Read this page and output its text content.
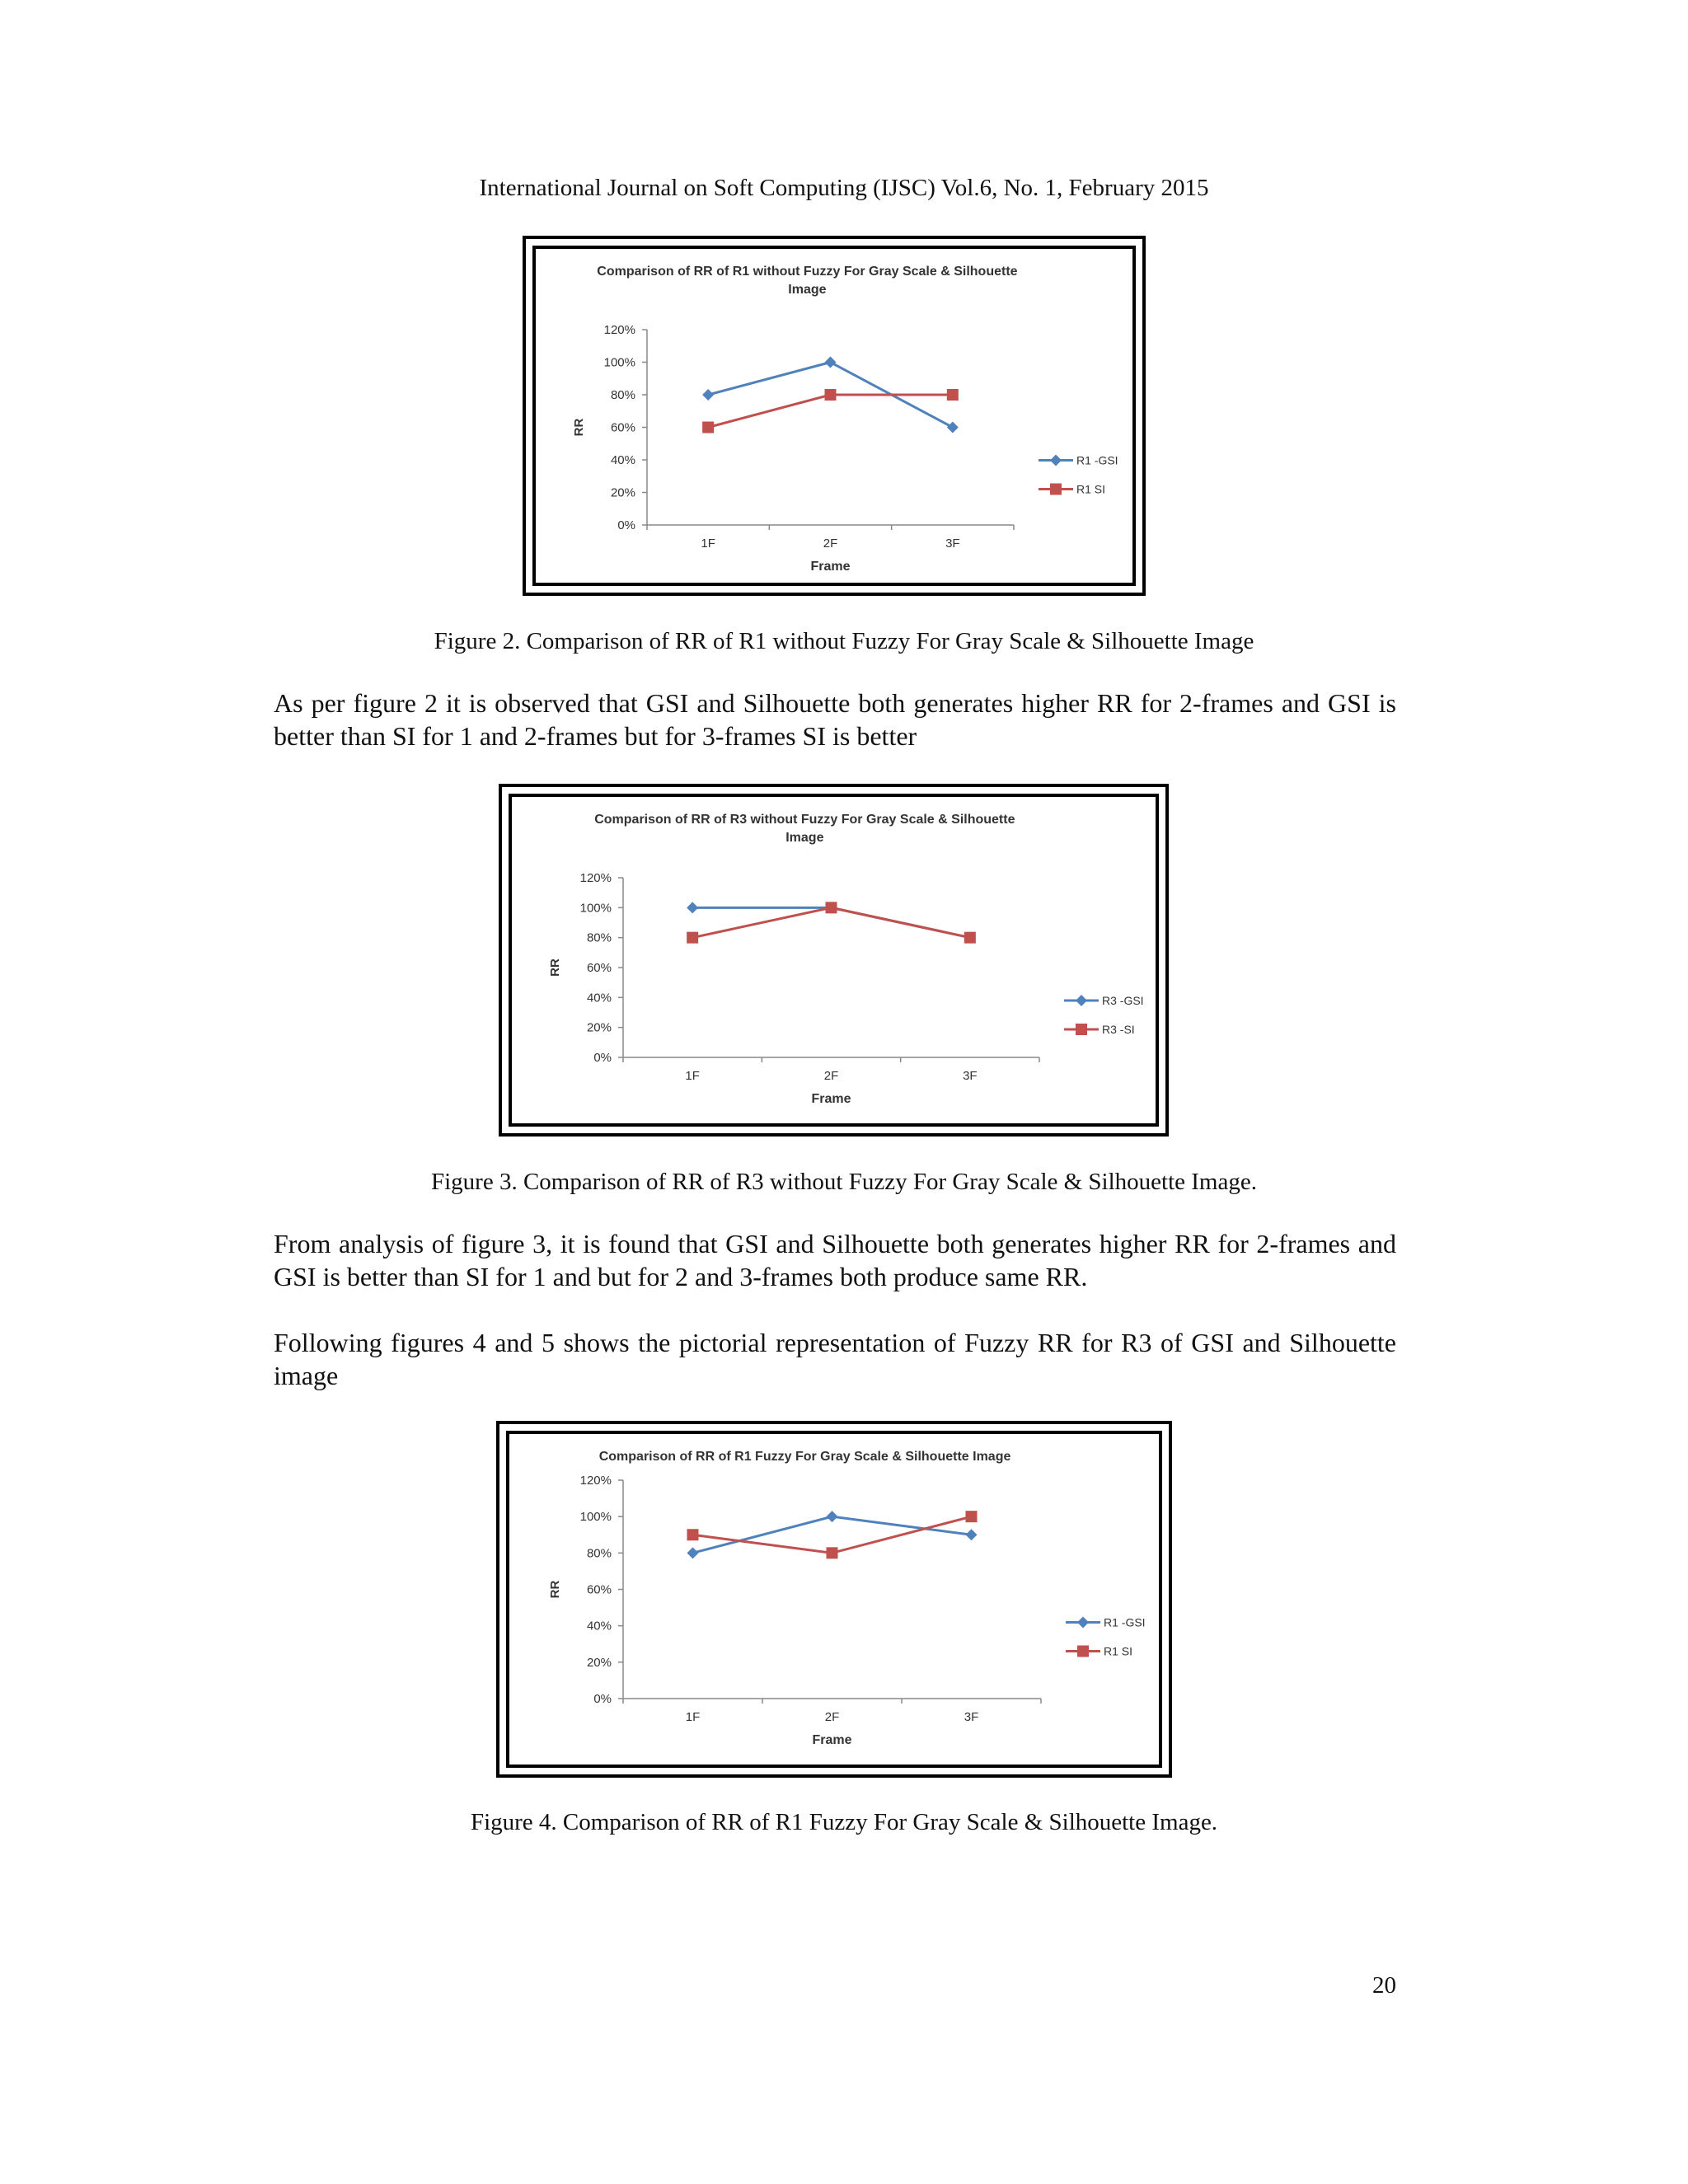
International Journal on Soft Computing (IJSC) Vol.6, No. 1, February 2015
Comparison of RR of R1 without Fuzzy For Gray Scale & Silhouette
Image
0%
20%
40%
60%
80%
100%
120%
1F	2F	3F
Frame
RR
R1 -GSI
R1 SI
Figure 2. Comparison of RR of R1 without Fuzzy For Gray Scale & Silhouette Image
As per figure 2 it is observed that GSI and Silhouette both generates higher RR for 2-frames and GSI is better than SI for 1 and 2-frames but for 3-frames SI is better
Comparison of RR of R3 without Fuzzy For Gray Scale & Silhouette
Image
0%
20%
40%
60%
80%
100%
120%
1F	2F	3F
Frame
RR
R3 -GSI
R3 -SI
Figure 3. Comparison of RR of R3 without Fuzzy For Gray Scale & Silhouette Image.
From analysis of figure 3, it is found that GSI and Silhouette both generates higher RR for 2-frames and GSI is better than SI for 1 and but for 2 and 3-frames both produce same RR.
Following figures 4 and 5 shows the pictorial representation of Fuzzy RR for R3 of GSI and Silhouette image
Comparison of RR of R1 Fuzzy For Gray Scale & Silhouette Image
0%
20%
40%
60%
80%
100%
120%
1F	2F	3F
Frame
RR
R1 -GSI
R1 SI
Figure 4. Comparison of RR of R1 Fuzzy For Gray Scale & Silhouette Image.
20
